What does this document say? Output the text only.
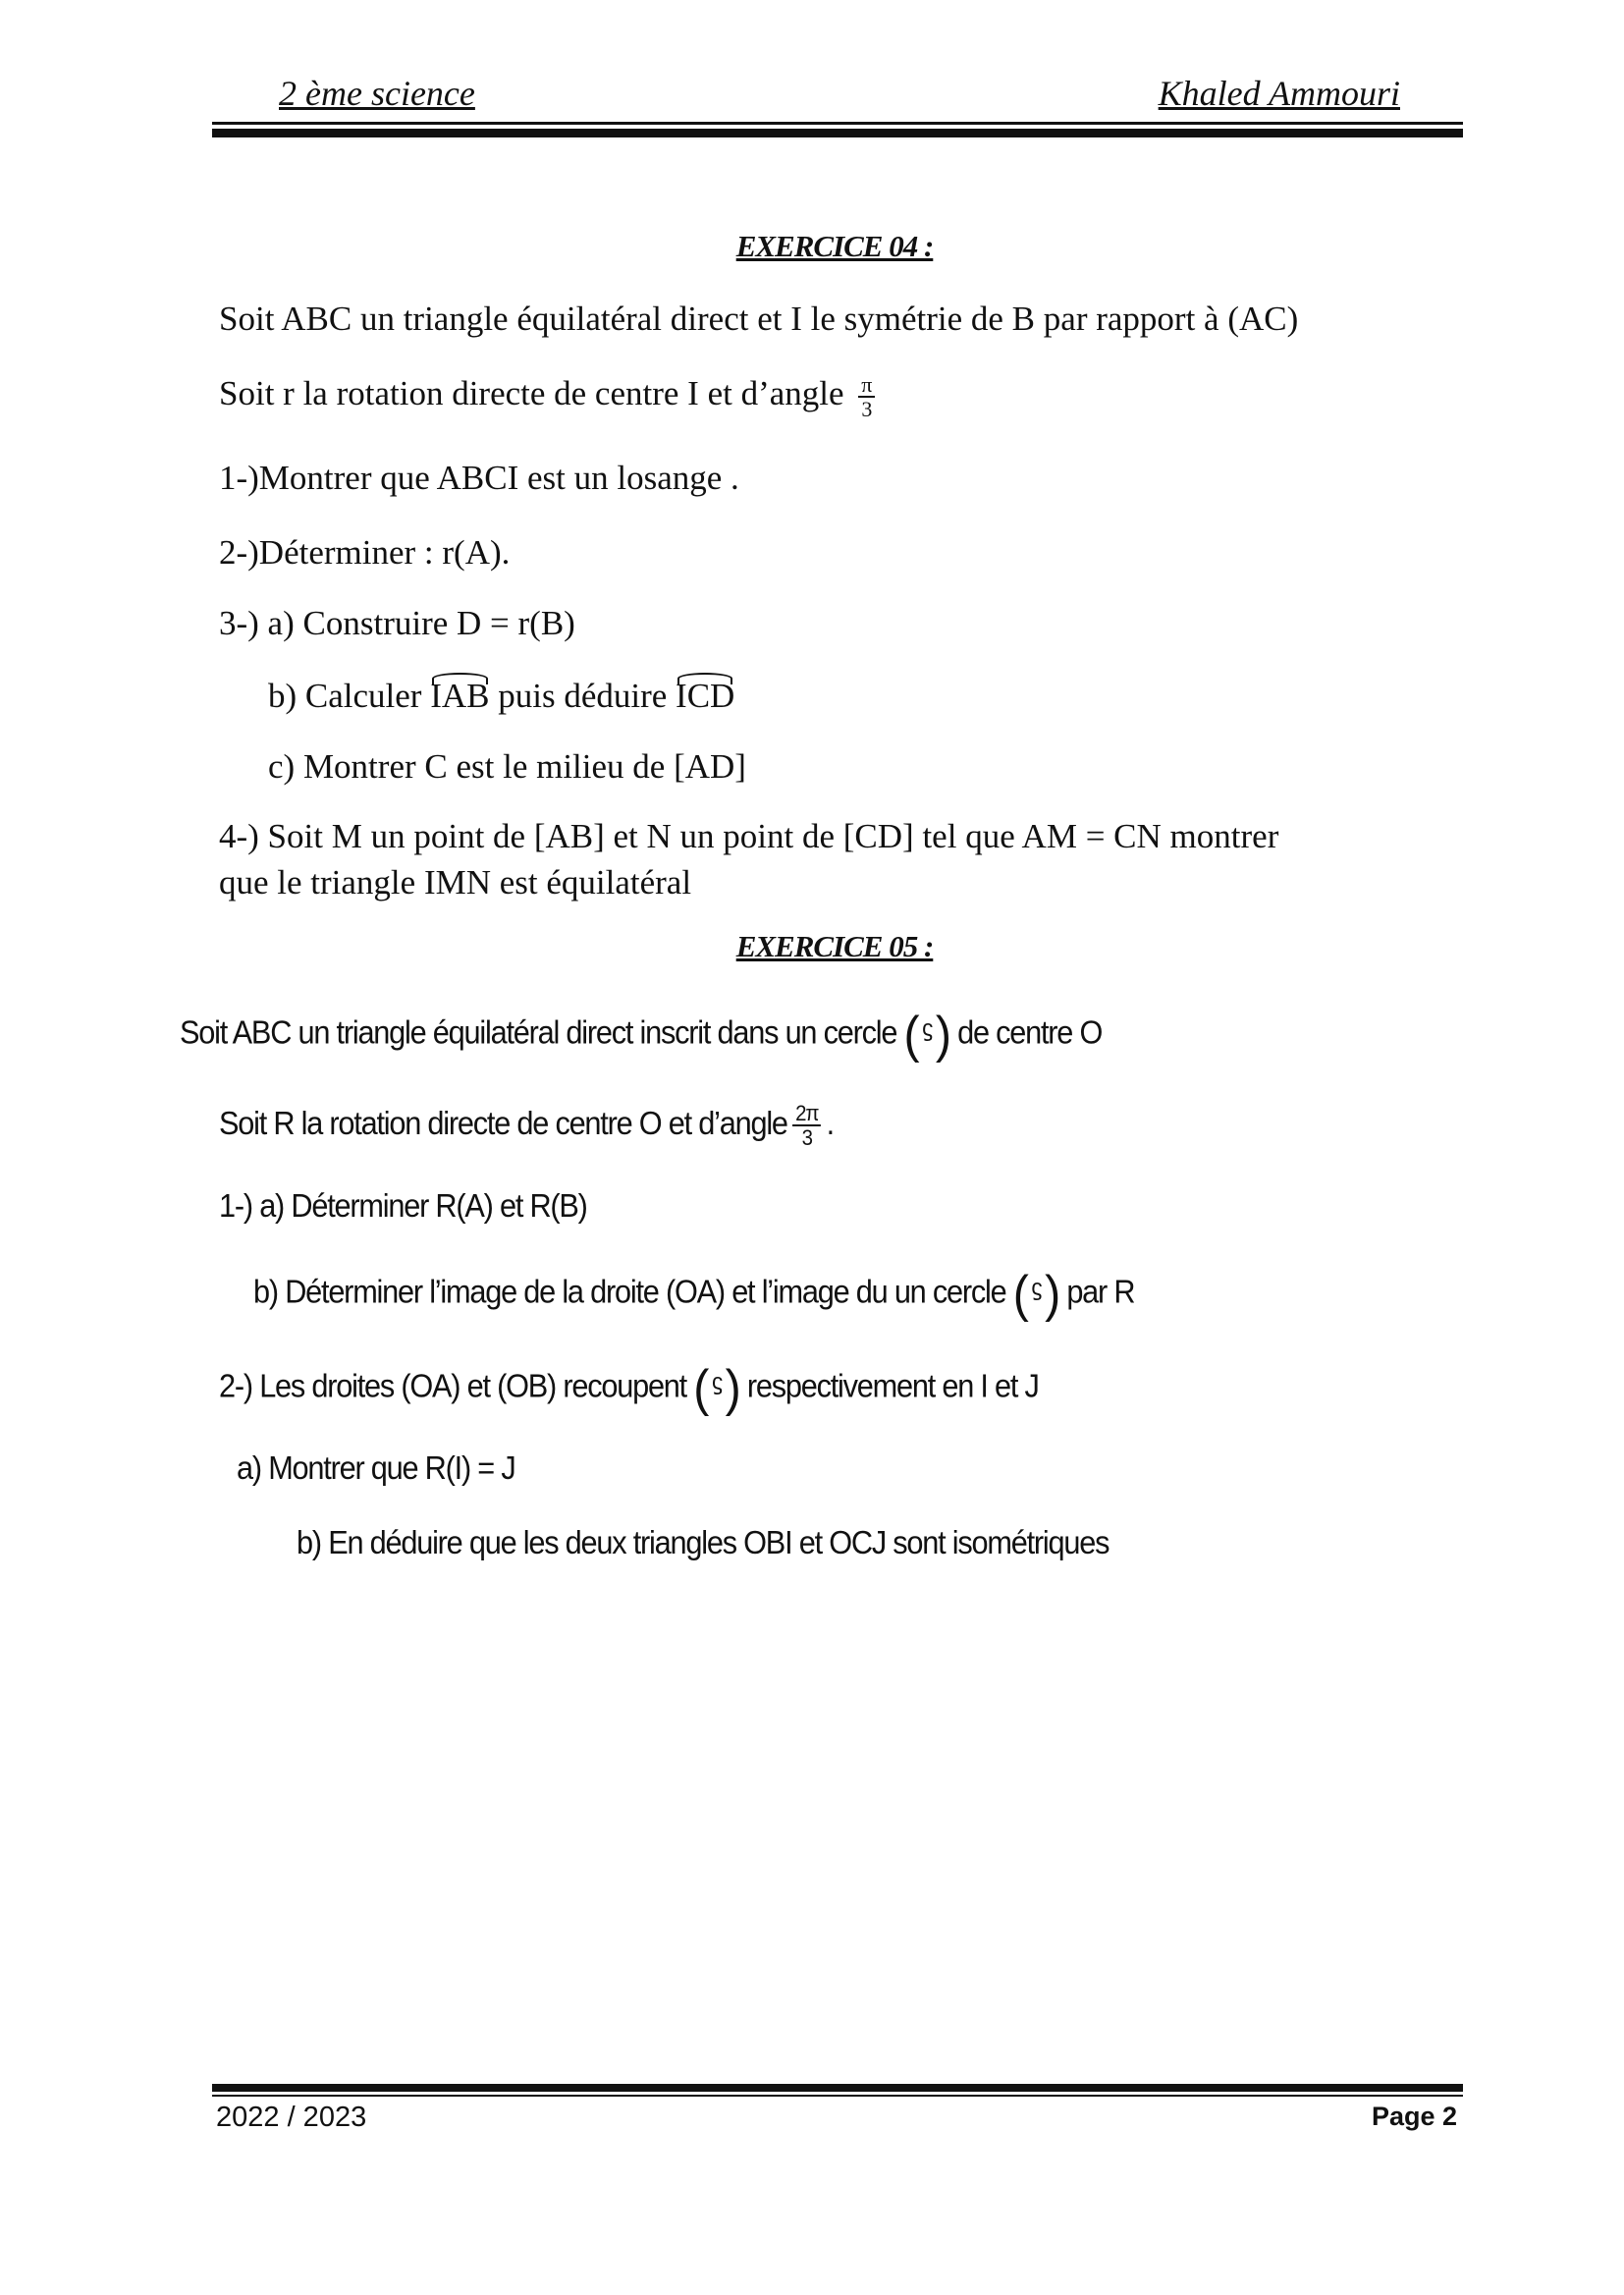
2 ème science	Khaled Ammouri
EXERCICE 04 :
Soit ABC un triangle équilatéral direct et I le symétrie de B par rapport à (AC)
Soit r la rotation directe de centre I et d’angle $\frac{\pi}{3}$
1-)Montrer que ABCI est un losange .
2-)Déterminer : r(A).
3-) a) Construire D = r(B)
b) Calculer IAB puis déduire ICD
c) Montrer C est le milieu de [AD]
4-) Soit M un point de [AB] et N un point de [CD] tel que AM = CN montrer
que le triangle IMN est équilatéral
EXERCICE 05 :
Soit ABC un triangle équilatéral direct inscrit dans un cercle ( $^ϛ$) de centre O
Soit R la rotation directe de centre O et d’angle $\frac{2\pi}{3}$ .
1-) a) Déterminer R(A) et R(B)
b) Déterminer l’image de la droite (OA) et l’image du un cercle ( $^ϛ$) par R
2-) Les droites (OA) et (OB) recoupent ( $^ϛ$) respectivement en I et J
a) Montrer que R(I) = J
b) En déduire que les deux triangles OBI et OCJ sont isométriques
2022 / 2023	Page 2
